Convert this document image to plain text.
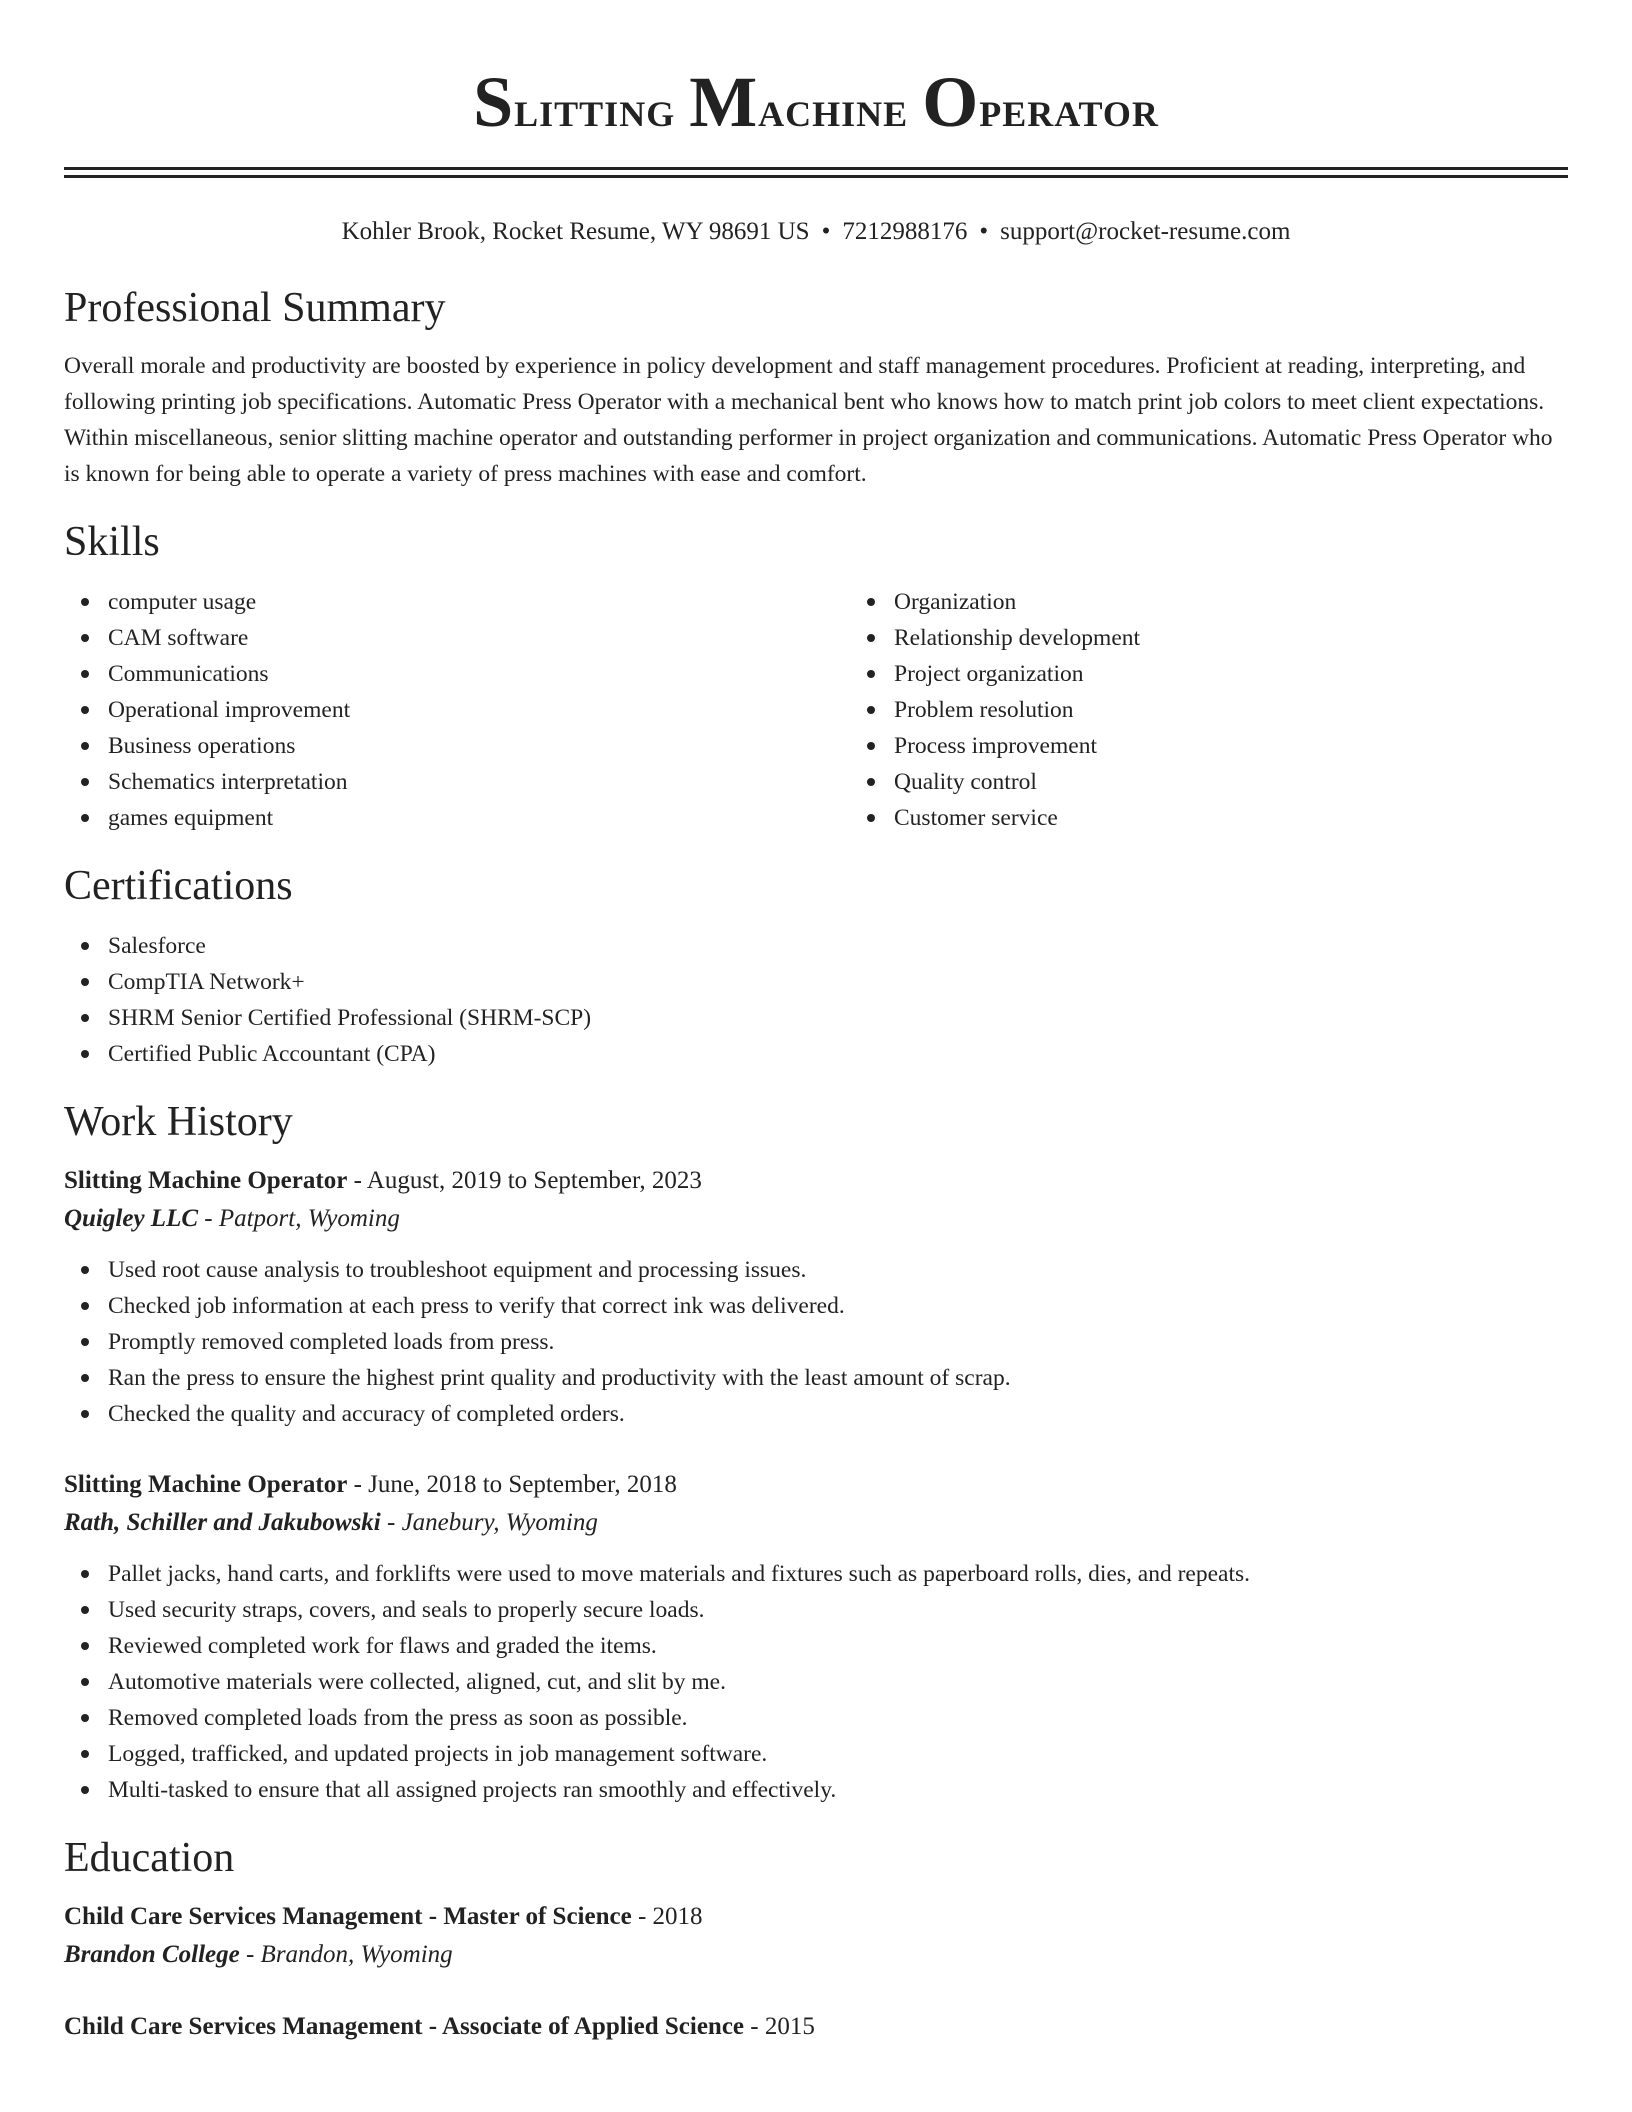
Slitting Machine Operator
Kohler Brook, Rocket Resume, WY 98691 US • 7212988176 • support@rocket-resume.com
Professional Summary

Overall morale and productivity are boosted by experience in policy development and staff management procedures. Proficient at reading, interpreting, and following printing job specifications. Automatic Press Operator with a mechanical bent who knows how to match print job colors to meet client expectations. Within miscellaneous, senior slitting machine operator and outstanding performer in project organization and communications. Automatic Press Operator who is known for being able to operate a variety of press machines with ease and comfort.

Skills
computer usage
CAM software
Communications
Operational improvement
Business operations
Schematics interpretation
games equipment
Organization
Relationship development
Project organization
Problem resolution
Process improvement
Quality control
Customer service
Certifications
Salesforce
CompTIA Network+
SHRM Senior Certified Professional (SHRM-SCP)
Certified Public Accountant (CPA)
Work History
Slitting Machine Operator - August, 2019 to September, 2023
Quigley LLC - Patport, Wyoming
Used root cause analysis to troubleshoot equipment and processing issues.
Checked job information at each press to verify that correct ink was delivered.
Promptly removed completed loads from press.
Ran the press to ensure the highest print quality and productivity with the least amount of scrap.
Checked the quality and accuracy of completed orders.
Slitting Machine Operator - June, 2018 to September, 2018
Rath, Schiller and Jakubowski - Janebury, Wyoming
Pallet jacks, hand carts, and forklifts were used to move materials and fixtures such as paperboard rolls, dies, and repeats.
Used security straps, covers, and seals to properly secure loads.
Reviewed completed work for flaws and graded the items.
Automotive materials were collected, aligned, cut, and slit by me.
Removed completed loads from the press as soon as possible.
Logged, trafficked, and updated projects in job management software.
Multi-tasked to ensure that all assigned projects ran smoothly and effectively.
Education
Child Care Services Management - Master of Science - 2018
Brandon College - Brandon, Wyoming
Child Care Services Management - Associate of Applied Science - 2015
